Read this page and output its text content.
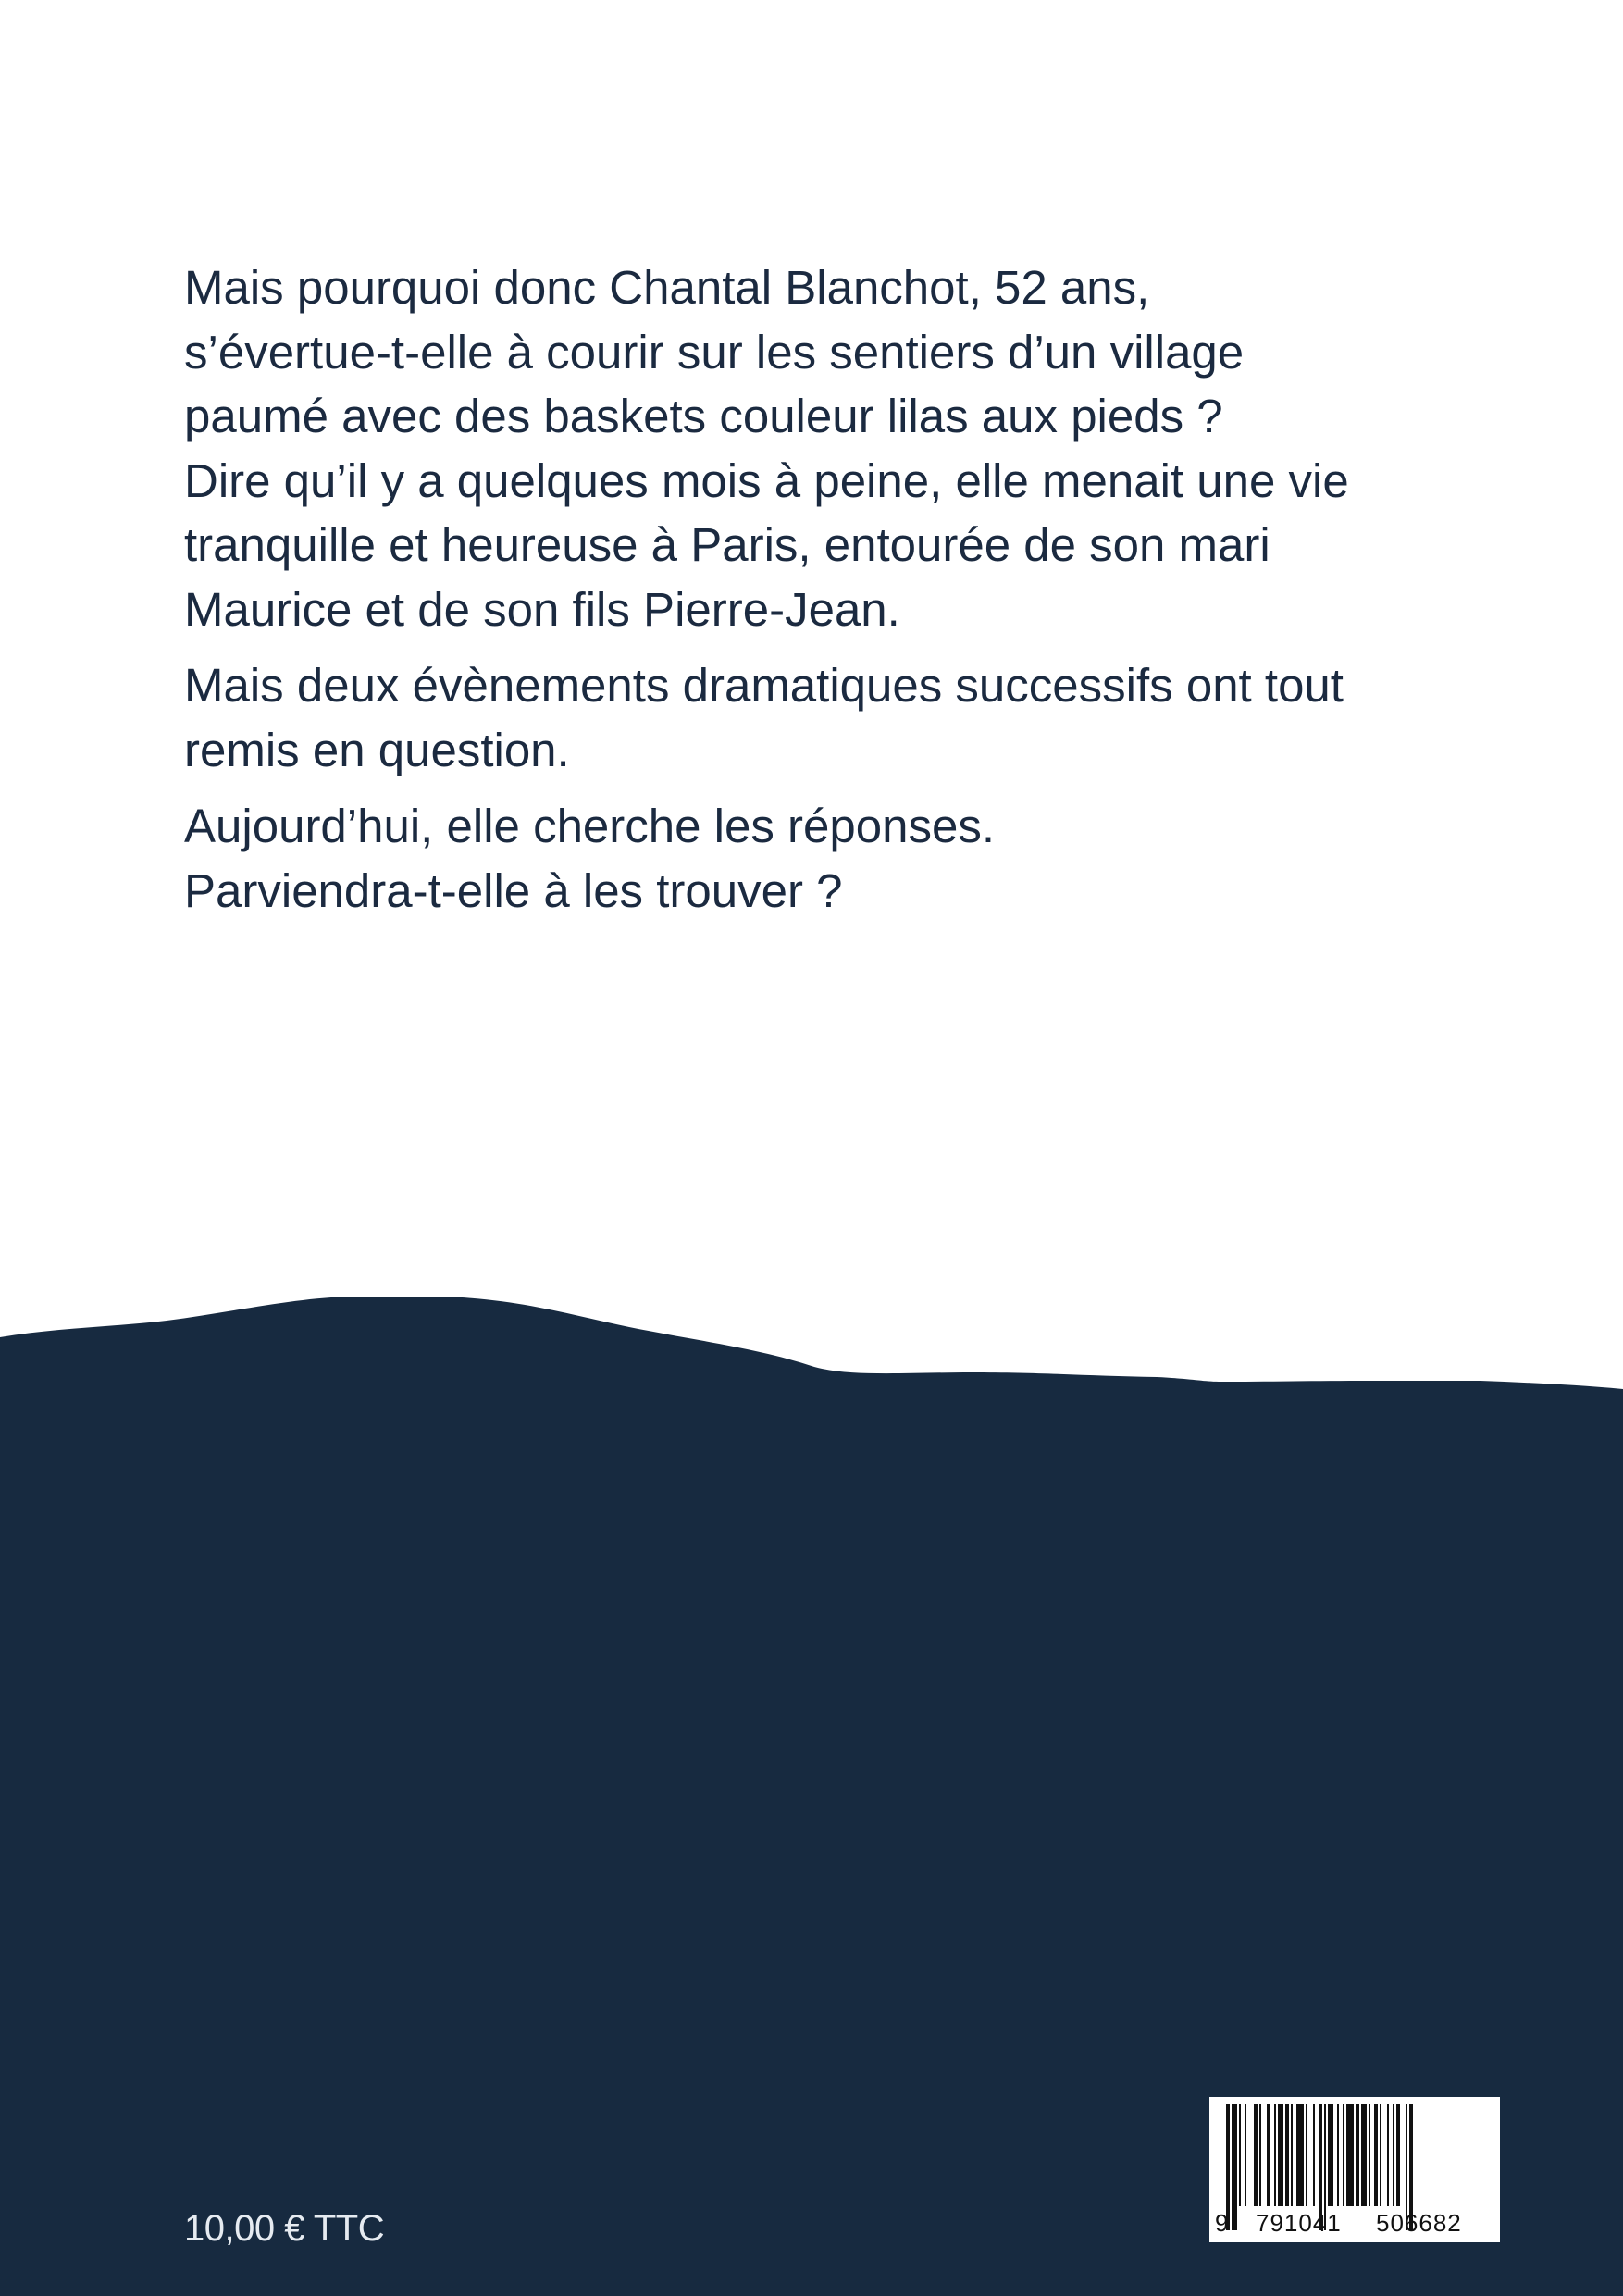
Mais pourquoi donc Chantal Blanchot, 52 ans,

s’évertue-t-elle à courir sur les sentiers d’un village

paumé avec des baskets couleur lilas aux pieds ?

Dire qu’il y a quelques mois à peine, elle menait une vie

tranquille et heureuse à Paris, entourée de son mari

Maurice et de son fils Pierre-Jean.

Mais deux évènements dramatiques successifs ont tout

remis en question.

Aujourd’hui, elle cherche les réponses.

Parviendra-t-elle à les trouver ?

10,00 € TTC	9 791041 506682
